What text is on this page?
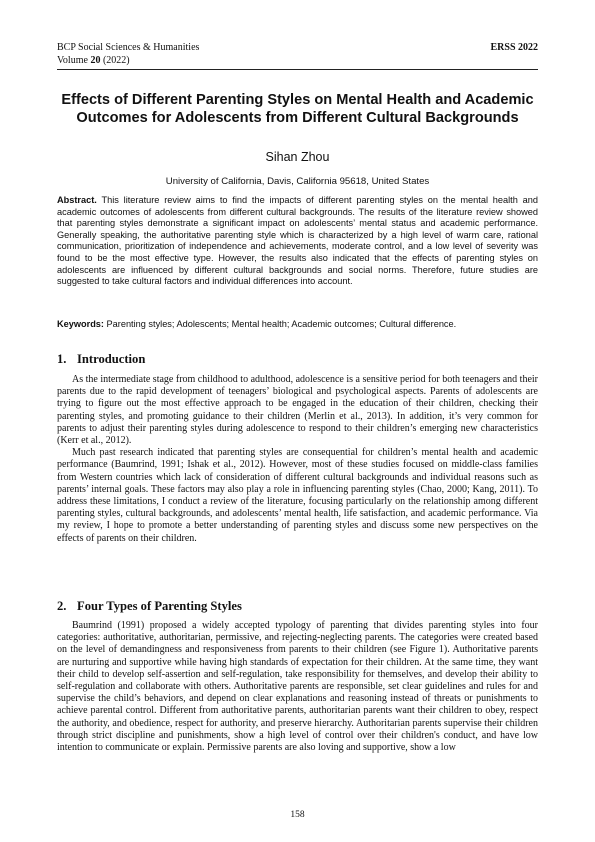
BCP Social Sciences & Humanities	ERSS 2022
Volume 20 (2022)
Effects of Different Parenting Styles on Mental Health and Academic Outcomes for Adolescents from Different Cultural Backgrounds
Sihan Zhou
University of California, Davis, California 95618, United States
Abstract. This literature review aims to find the impacts of different parenting styles on the mental health and academic outcomes of adolescents from different cultural backgrounds. The results of the literature review showed that parenting styles demonstrate a significant impact on adolescents’ mental status and academic performance. Generally speaking, the authoritative parenting style which is characterized by a high level of warm care, rational communication, prioritization of independence and achievements, moderate control, and a low level of severity was found to be the most effective type. However, the results also indicated that the effects of parenting styles on adolescents are influenced by different cultural backgrounds and social norms. Therefore, future studies are suggested to take cultural factors and individual differences into account.
Keywords: Parenting styles; Adolescents; Mental health; Academic outcomes; Cultural difference.
1. Introduction

As the intermediate stage from childhood to adulthood, adolescence is a sensitive period for both teenagers and their parents due to the rapid development of teenagers’ biological and psychological aspects. Parents of adolescents are trying to figure out the most effective approach to be engaged in the education of their children, checking their parenting styles, and promoting guidance to their children (Merlin et al., 2013). In addition, it’s very common for parents to adjust their parenting styles during adolescence to respond to their children’s emerging new characteristics (Kerr et al., 2012).

Much past research indicated that parenting styles are consequential for children’s mental health and academic performance (Baumrind, 1991; Ishak et al., 2012). However, most of these studies focused on middle-class families from Western countries which lack of consideration of different cultural backgrounds and individual reasons such as parents’ internal goals. These factors may also play a role in influencing parenting styles (Chao, 2000; Kang, 2011). To address these limitations, I conduct a review of the literature, focusing particularly on the relationship among different parenting styles, cultural backgrounds, and adolescents’ mental health, life satisfaction, and academic performance. Via my review, I hope to promote a better understanding of parenting styles and discuss some new perspectives on the effects of parents on their children.

2. Four Types of Parenting Styles

Baumrind (1991) proposed a widely accepted typology of parenting that divides parenting styles into four categories: authoritative, authoritarian, permissive, and rejecting-neglecting parents. The categories were created based on the level of demandingness and responsiveness from parents to their children (see Figure 1). Authoritative parents are nurturing and supportive while having high standards of expectation for their children. At the same time, they want their child to develop self-assertion and self-regulation, take responsibility for themselves, and develop their ability to self-regulation and collaborate with others. Authoritative parents are responsible, set clear guidelines and rules for and supervise the child’s behaviors, and depend on clear explanations and reasoning instead of threats or punishments to achieve parental control. Different from authoritative parents, authoritarian parents want their children to obey, respect the authority, and obedience, respect for authority, and preserve hierarchy. Authoritarian parents supervise their children through strict discipline and punishments, show a high level of control over their children's conduct, and have low intention to communicate or explain. Permissive parents are also loving and supportive, show a low

158
